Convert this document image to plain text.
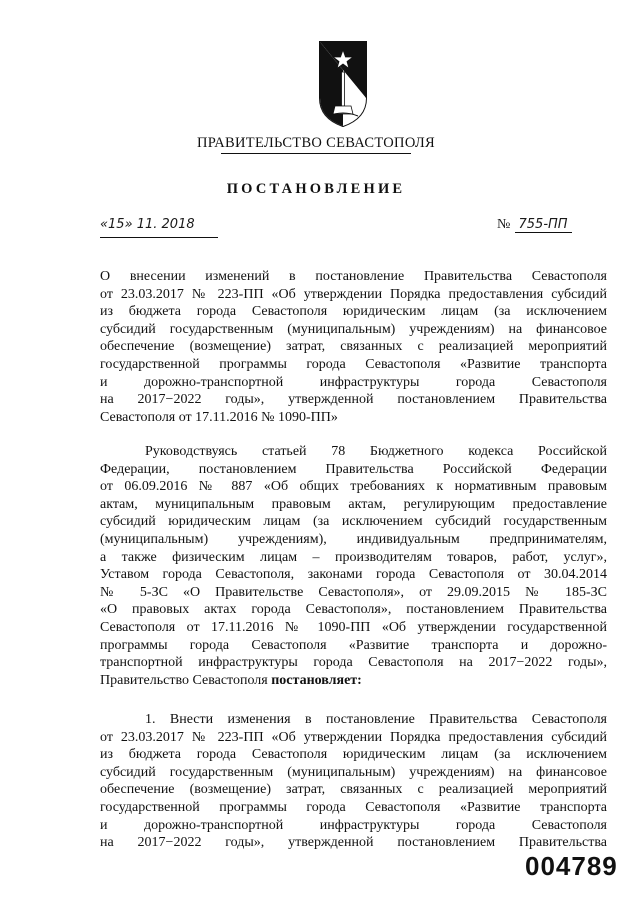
ПРАВИТЕЛЬСТВО СЕВАСТОПОЛЯ
ПОСТАНОВЛЕНИЕ
«15» 11. 2018	№ 755-ПП
О внесении изменений в постановление Правительства Севастополя
от 23.03.2017 № 223-ПП «Об утверждении Порядка предоставления субсидий
из бюджета города Севастополя юридическим лицам (за исключением
субсидий государственным (муниципальным) учреждениям) на финансовое
обеспечение (возмещение) затрат, связанных с реализацией мероприятий
государственной программы города Севастополя «Развитие транспорта
и дорожно-транспортной инфраструктуры города Севастополя
на 2017−2022 годы», утвержденной постановлением Правительства
Севастополя от 17.11.2016 № 1090-ПП»
Руководствуясь статьей 78 Бюджетного кодекса Российской
Федерации, постановлением Правительства Российской Федерации
от 06.09.2016 № 887 «Об общих требованиях к нормативным правовым
актам, муниципальным правовым актам, регулирующим предоставление
субсидий юридическим лицам (за исключением субсидий государственным
(муниципальным) учреждениям), индивидуальным предпринимателям,
а также физическим лицам – производителям товаров, работ, услуг»,
Уставом города Севастополя, законами города Севастополя от 30.04.2014
№ 5-ЗС «О Правительстве Севастополя», от 29.09.2015 № 185-ЗС
«О правовых актах города Севастополя», постановлением Правительства
Севастополя от 17.11.2016 № 1090-ПП «Об утверждении государственной
программы города Севастополя «Развитие транспорта и дорожно-
транспортной инфраструктуры города Севастополя на 2017−2022 годы»,
Правительство Севастополя постановляет:
1. Внести изменения в постановление Правительства Севастополя
от 23.03.2017 № 223-ПП «Об утверждении Порядка предоставления субсидий
из бюджета города Севастополя юридическим лицам (за исключением
субсидий государственным (муниципальным) учреждениям) на финансовое
обеспечение (возмещение) затрат, связанных с реализацией мероприятий
государственной программы города Севастополя «Развитие транспорта
и дорожно-транспортной инфраструктуры города Севастополя
на 2017−2022 годы», утвержденной постановлением Правительства
004789
